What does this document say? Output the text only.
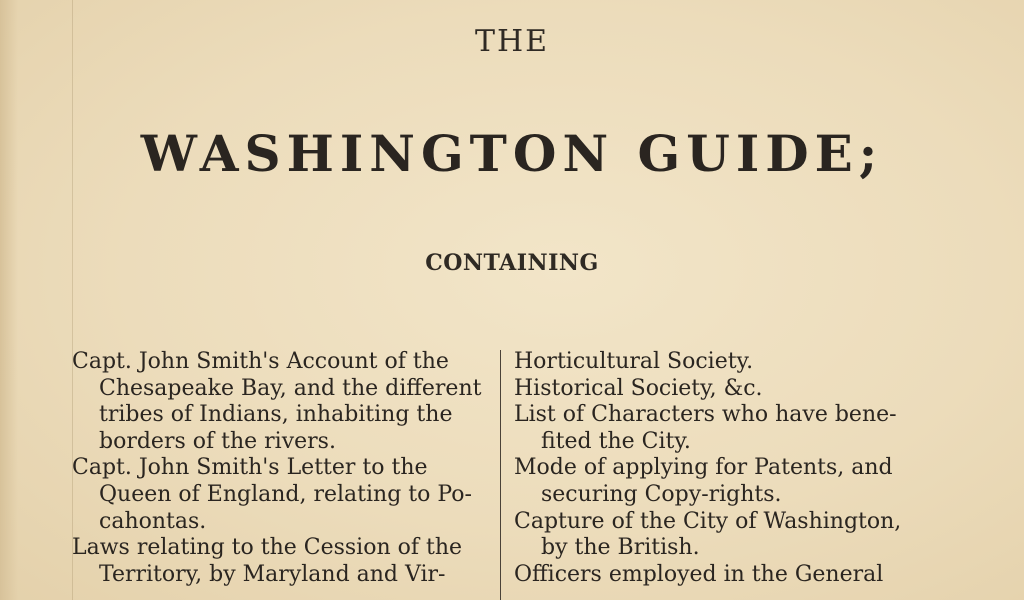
THE
WASHINGTON GUIDE;
CONTAINING
Capt. John Smith's Account of the
Chesapeake Bay, and the different
tribes of Indians, inhabiting the
borders of the rivers.
Capt. John Smith's Letter to the
Queen of England, relating to Po-
cahontas.
Laws relating to the Cession of the
Territory, by Maryland and Vir-
Horticultural Society.
Historical Society, &c.
List of Characters who have bene-
fited the City.
Mode of applying for Patents, and
securing Copy-rights.
Capture of the City of Washington,
by the British.
Officers employed in the General
